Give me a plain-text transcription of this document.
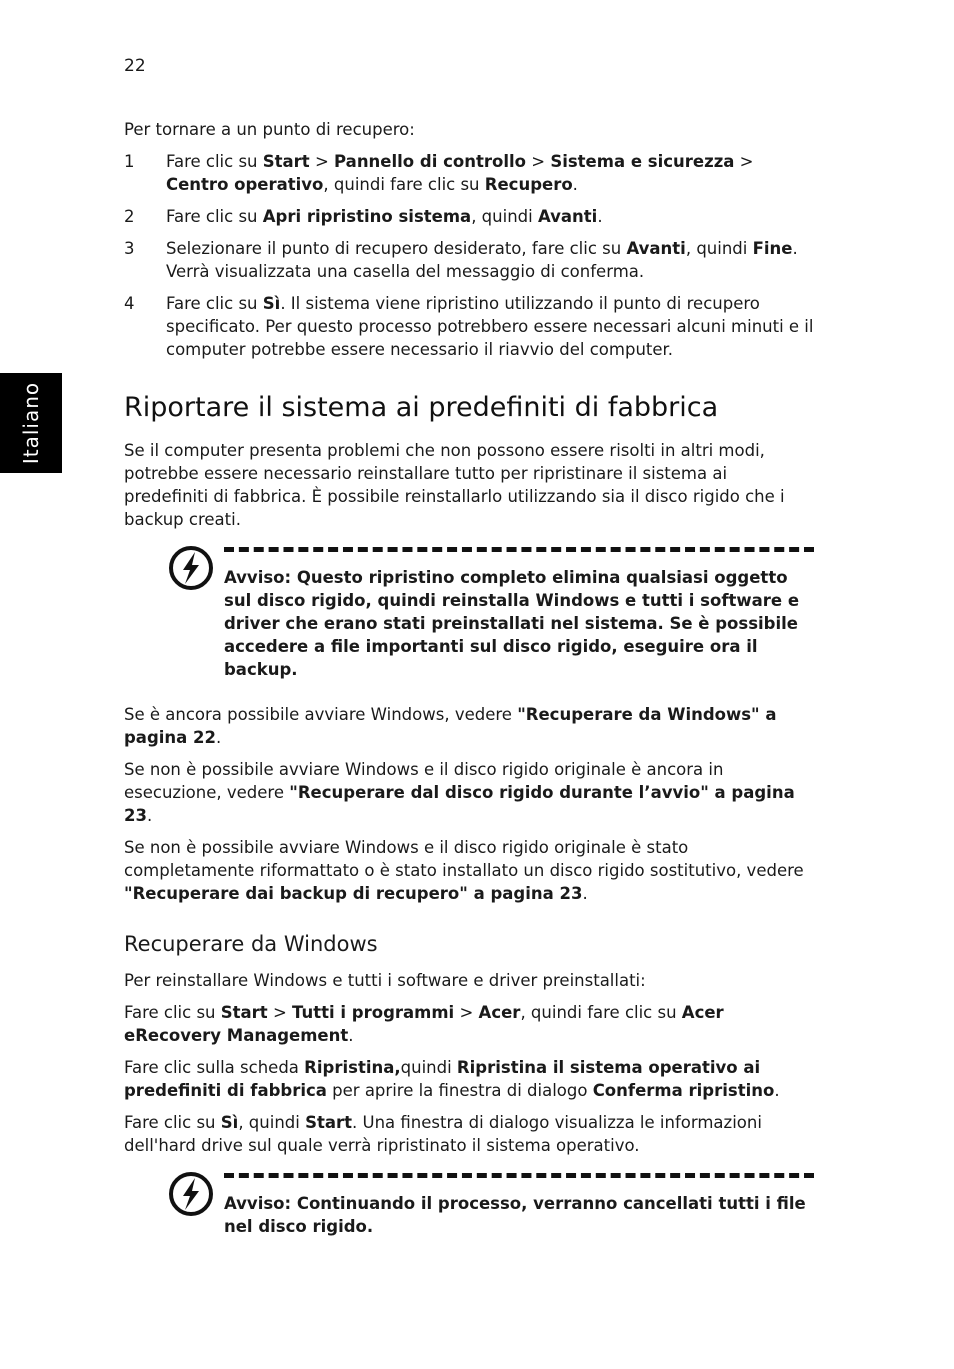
22
Italiano

Per tornare a un punto di recupero:

1 Fare clic su Start > Pannello di controllo > Sistema e sicurezza > Centro operativo, quindi fare clic su Recupero.
2 Fare clic su Apri ripristino sistema, quindi Avanti.
3 Selezionare il punto di recupero desiderato, fare clic su Avanti, quindi Fine. Verrà visualizzata una casella del messaggio di conferma.
4 Fare clic su Sì. Il sistema viene ripristino utilizzando il punto di recupero specificato. Per questo processo potrebbero essere necessari alcuni minuti e il computer potrebbe essere necessario il riavvio del computer.
Riportare il sistema ai predefiniti di fabbrica

Se il computer presenta problemi che non possono essere risolti in altri modi, potrebbe essere necessario reinstallare tutto per ripristinare il sistema ai predefiniti di fabbrica. È possibile reinstallarlo utilizzando sia il disco rigido che i backup creati.

Avviso: Questo ripristino completo elimina qualsiasi oggetto sul disco rigido, quindi reinstalla Windows e tutti i software e driver che erano stati preinstallati nel sistema. Se è possibile accedere a file importanti sul disco rigido, eseguire ora il backup.

Se è ancora possibile avviare Windows, vedere "Recuperare da Windows" a pagina 22.

Se non è possibile avviare Windows e il disco rigido originale è ancora in esecuzione, vedere "Recuperare dal disco rigido durante l’avvio" a pagina 23.

Se non è possibile avviare Windows e il disco rigido originale è stato completamente riformattato o è stato installato un disco rigido sostitutivo, vedere "Recuperare dai backup di recupero" a pagina 23.

Recuperare da Windows

Per reinstallare Windows e tutti i software e driver preinstallati:

Fare clic su Start > Tutti i programmi > Acer, quindi fare clic su Acer eRecovery Management.

Fare clic sulla scheda Ripristina,quindi Ripristina il sistema operativo ai predefiniti di fabbrica per aprire la finestra di dialogo Conferma ripristino.

Fare clic su Sì, quindi Start. Una finestra di dialogo visualizza le informazioni dell'hard drive sul quale verrà ripristinato il sistema operativo.

Avviso: Continuando il processo, verranno cancellati tutti i file nel disco rigido.
